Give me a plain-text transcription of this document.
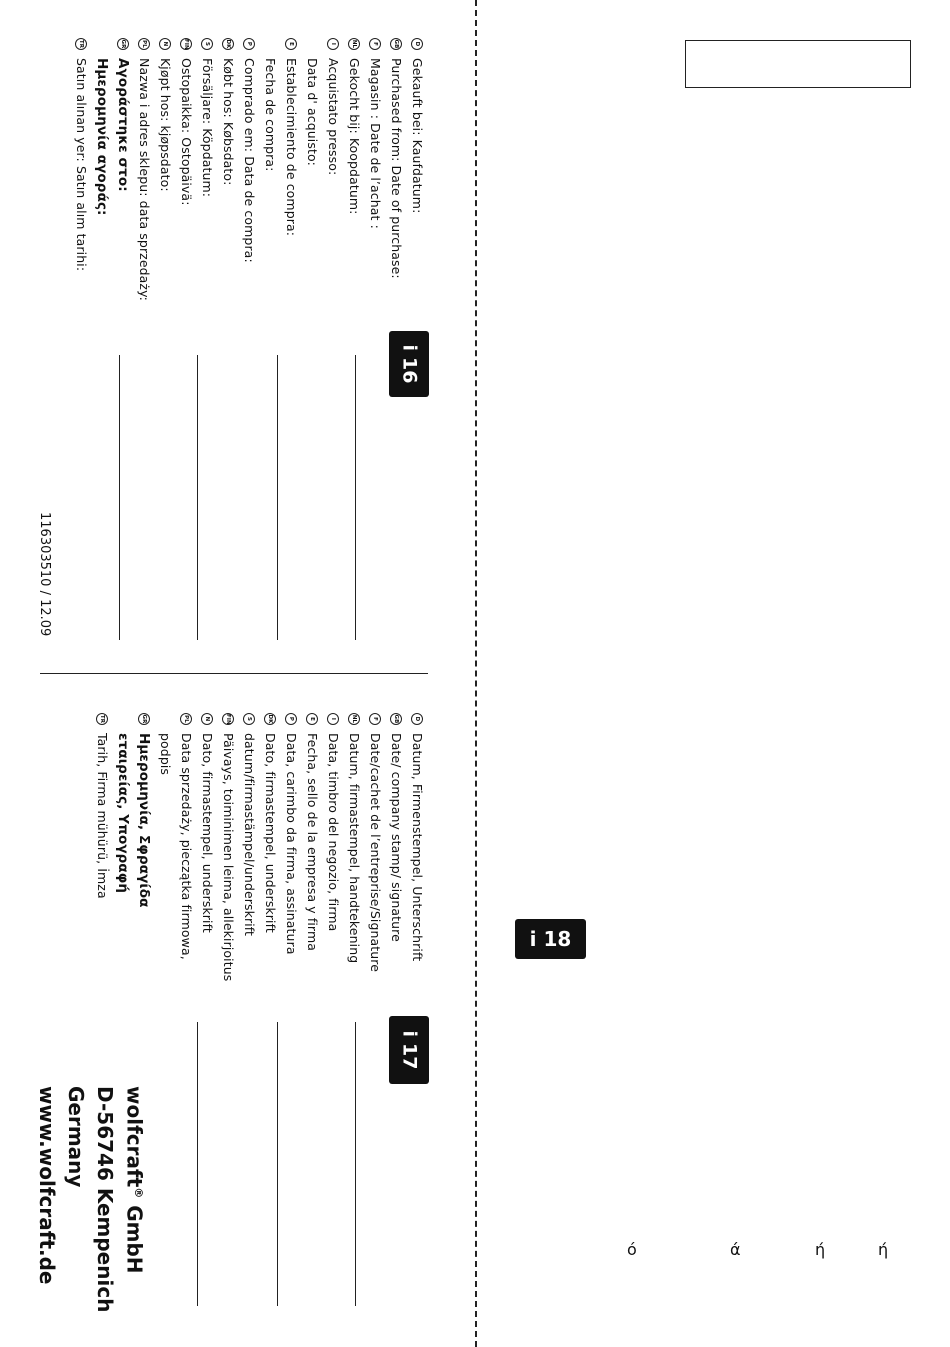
D
Gekauft bei: Kaufdatum:
GB
Purchased from: Date of purchase:
F
Magasin : Date de l’achat :
NL
Gekocht bij: Koopdatum:
I
Acquistato presso:
Data d' acquisto:
E
Establecimiento de compra:
Fecha de compra:
P
Comprado em: Data de compra:
DK
Købt hos: Købsdato:
S
Försäljare: Köpdatum:
FIN
Ostopaikka: Ostopäivä:
N
Kjøpt hos: kjøpsdato:
PL
Nazwa i adres sklepu: data sprzedaży:
GR
Αγοράστηκε στο:
Ημερομηνία αγοράς:
TR
Satın alınan yer: Satın alım tarihi:
i
16
116303510 / 12.09
D
Datum, Firmenstempel, Unterschrift
GB
Date/ company stamp/ signature
F
Date/cachet de l’entreprise/Signature
NL
Datum, firmastempel, handtekening
I
Data, timbro del negozio, firma
E
Fecha, sello de la empresa y firma
P
Data, carimbo da firma, assinatura
DK
Dato, firmastempel, underskrift
S
datum/firmastämpel/underskrift
FIN
Päivays, toiminimen leima, allekirjoitus
N
Dato, firmastempel, underskrift
PL
Data sprzedaży, pieczątka firmowa,
podpis
GR
Ημερομηνία, Σφραγίδα
εταιρείας, Υπογραφή
TR
Tarih, Firma mühürü, İmza
i
17
wolfcraft® GmbH
D-56746 Kempenich
Germany
www.wolfcraft.de
i 18
ό	ά	ή	ή
